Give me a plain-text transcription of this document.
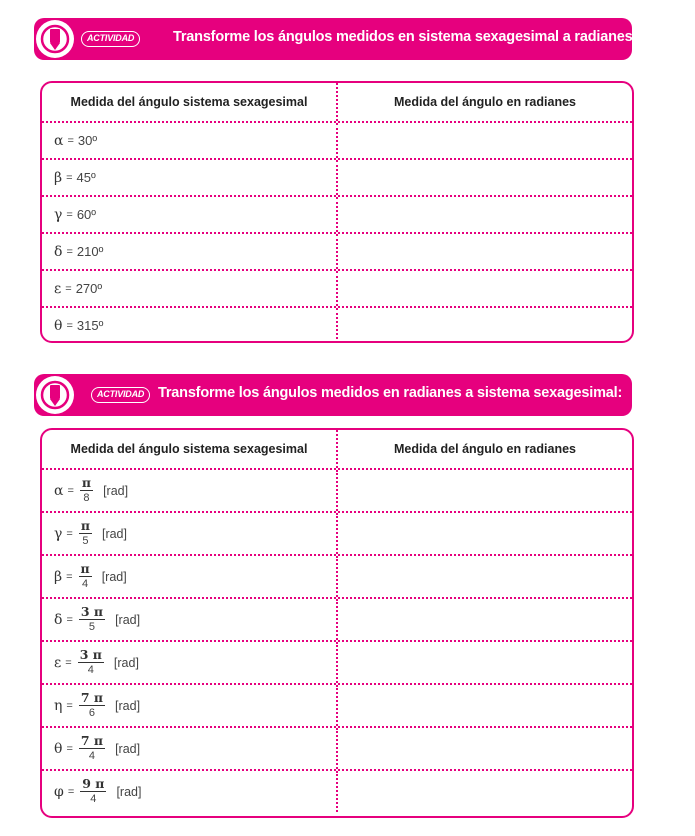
ACTIVIDAD	Transforme los ángulos medidos en sistema sexagesimal a radianes:
Medida del ángulo sistema sexagesimal	Medida del ángulo en radianes
α = 30º
β = 45º
γ = 60º
δ = 210º
ε = 270º
θ = 315º
ACTIVIDAD Transforme los ángulos medidos en radianes a sistema sexagesimal:
Medida del ángulo sistema sexagesimal	Medida del ángulo en radianes
$\alpha = \frac{\pi}{8} [rad]$
$\gamma = \frac{\pi}{5} [rad]$
$\beta = \frac{\pi}{4} [rad]$
$\delta = \frac{3 \pi}{5} [rad]$
$\varepsilon = \frac{3 \pi}{4} [rad]$
$\eta = \frac{7 \pi}{6} [rad]$
$\theta = \frac{7 \pi}{4} [rad]$
$\varphi = \frac{9 \pi}{4} [rad]$
